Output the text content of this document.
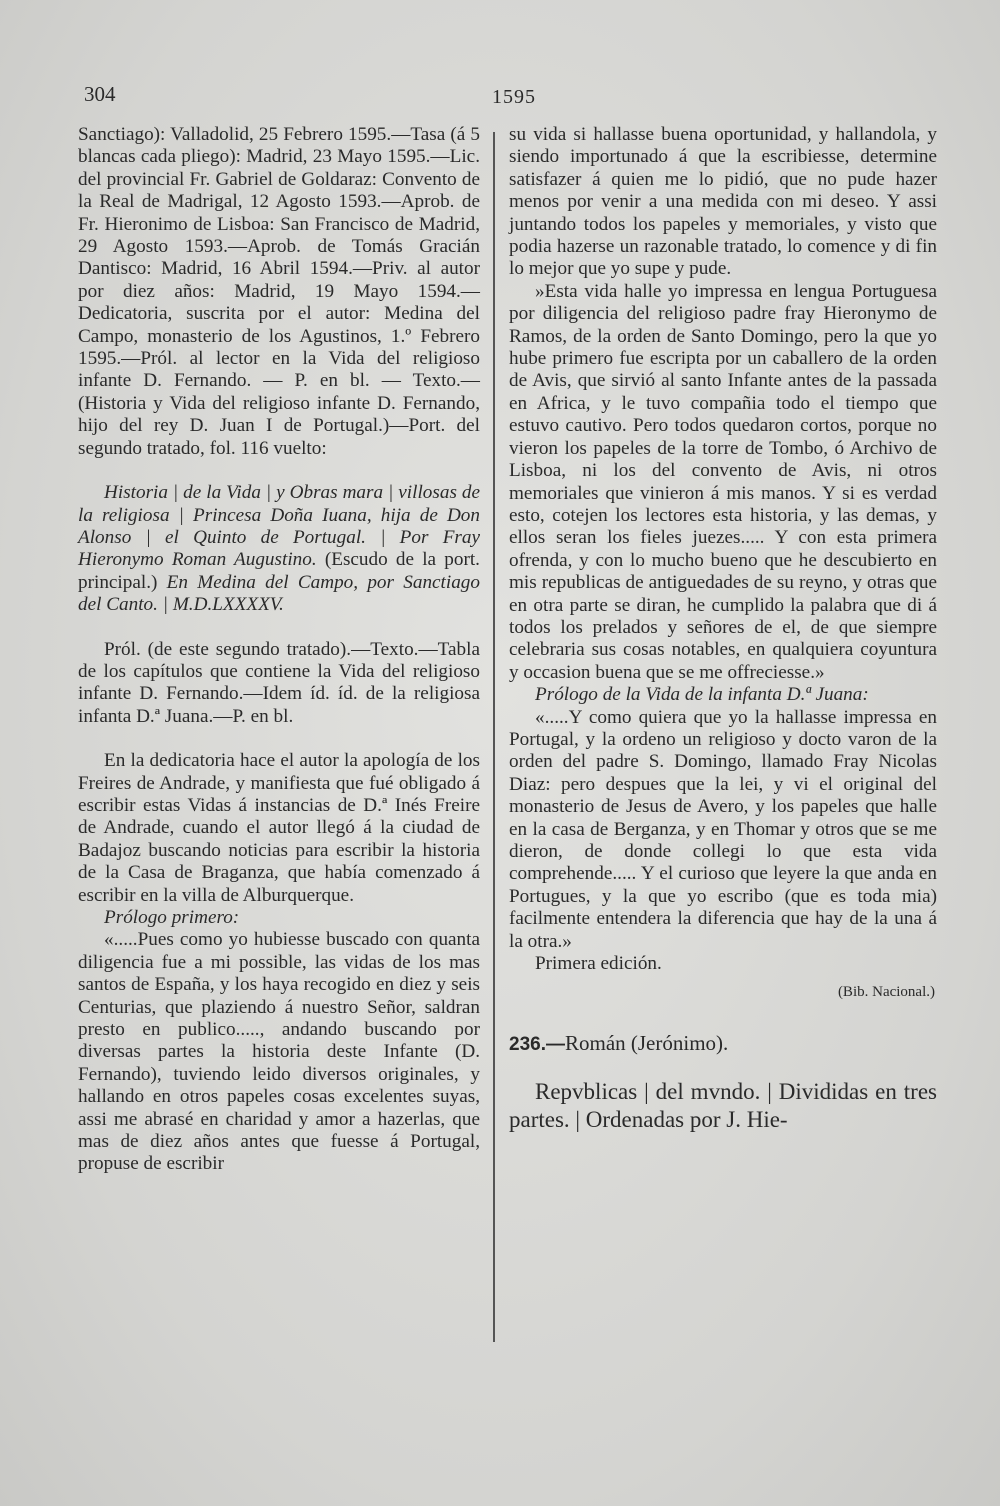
304	1595

Sanctiago): Valladolid, 25 Febrero 1595.—Tasa (á 5 blancas cada pliego): Madrid, 23 Mayo 1595.—Lic. del provincial Fr. Gabriel de Goldaraz: Convento de la Real de Madrigal, 12 Agosto 1593.—Aprob. de Fr. Hieronimo de Lisboa: San Francisco de Madrid, 29 Agosto 1593.—Aprob. de Tomás Gracián Dantisco: Madrid, 16 Abril 1594.—Priv. al autor por diez años: Madrid, 19 Mayo 1594.—Dedicatoria, suscrita por el autor: Medina del Campo, monasterio de los Agustinos, 1.º Febrero 1595.—Pról. al lector en la Vida del religioso infante D. Fernando. — P. en bl. — Texto.—(Historia y Vida del religioso infante D. Fernando, hijo del rey D. Juan I de Portugal.)—Port. del segundo tratado, fol. 116 vuelto:

Historia | de la Vida | y Obras mara | villosas de la religiosa | Princesa Doña Iuana, hija de Don Alonso | el Quinto de Portugal. | Por Fray Hieronymo Roman Augustino. (Escudo de la port. principal.) En Medina del Campo, por Sanctiago del Canto. | M.D.LXXXXV.

Pról. (de este segundo tratado).—Texto.—Tabla de los capítulos que contiene la Vida del religioso infante D. Fernando.—Idem íd. íd. de la religiosa infanta D.ª Juana.—P. en bl.

En la dedicatoria hace el autor la apología de los Freires de Andrade, y manifiesta que fué obligado á escribir estas Vidas á instancias de D.ª Inés Freire de Andrade, cuando el autor llegó á la ciudad de Badajoz buscando noticias para escribir la historia de la Casa de Braganza, que había comenzado á escribir en la villa de Alburquerque.

Prólogo primero:

«.....Pues como yo hubiesse buscado con quanta diligencia fue a mi possible, las vidas de los mas santos de España, y los haya recogido en diez y seis Centurias, que plaziendo á nuestro Señor, saldran presto en publico....., andando buscando por diversas partes la historia deste Infante (D. Fernando), tuviendo leido diversos originales, y hallando en otros papeles cosas excelentes suyas, assi me abrasé en charidad y amor a hazerlas, que mas de diez años antes que fuesse á Portugal, propuse de escribir

su vida si hallasse buena oportunidad, y hallandola, y siendo importunado á que la escribiesse, determine satisfazer á quien me lo pidió, que no pude hazer menos por venir a una medida con mi deseo. Y assi juntando todos los papeles y memoriales, y visto que podia hazerse un razonable tratado, lo comence y di fin lo mejor que yo supe y pude.

»Esta vida halle yo impressa en lengua Portuguesa por diligencia del religioso padre fray Hieronymo de Ramos, de la orden de Santo Domingo, pero la que yo hube primero fue escripta por un caballero de la orden de Avis, que sirvió al santo Infante antes de la passada en Africa, y le tuvo compañia todo el tiempo que estuvo cautivo. Pero todos quedaron cortos, porque no vieron los papeles de la torre de Tombo, ó Archivo de Lisboa, ni los del convento de Avis, ni otros memoriales que vinieron á mis manos. Y si es verdad esto, cotejen los lectores esta historia, y las demas, y ellos seran los fieles juezes..... Y con esta primera ofrenda, y con lo mucho bueno que he descubierto en mis republicas de antiguedades de su reyno, y otras que en otra parte se diran, he cumplido la palabra que di á todos los prelados y señores de el, de que siempre celebraria sus cosas notables, en qualquiera coyuntura y occasion buena que se me offreciesse.»

Prólogo de la Vida de la infanta D.ª Juana:

«.....Y como quiera que yo la hallasse impressa en Portugal, y la ordeno un religioso y docto varon de la orden del padre S. Domingo, llamado Fray Nicolas Diaz: pero despues que la lei, y vi el original del monasterio de Jesus de Avero, y los papeles que halle en la casa de Berganza, y en Thomar y otros que se me dieron, de donde collegi lo que esta vida comprehende..... Y el curioso que leyere la que anda en Portugues, y la que yo escribo (que es toda mia) facilmente entendera la diferencia que hay de la una á la otra.»

Primera edición.

(Bib. Nacional.)

236.—Román (Jerónimo).

Repvblicas | del mvndo. | Divididas en tres partes. | Ordenadas por J. Hie-
